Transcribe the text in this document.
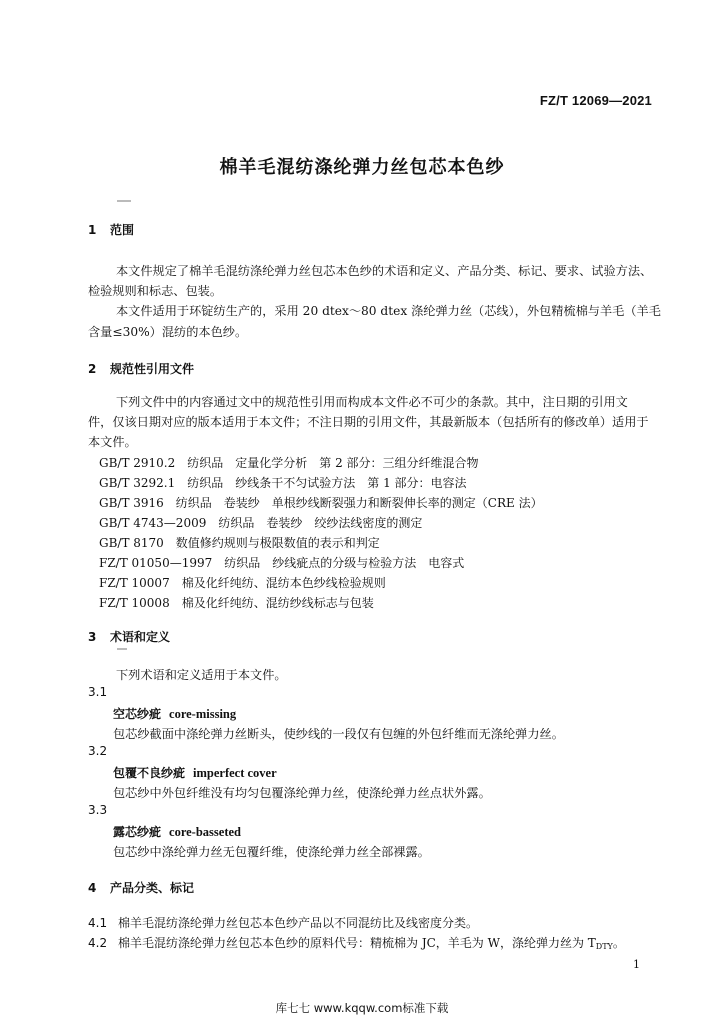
FZ/T 12069—2021
棉羊毛混纺涤纶弹力丝包芯本色纱
1 范围
本文件规定了棉羊毛混纺涤纶弹力丝包芯本色纱的术语和定义、产品分类、标记、要求、试验方法、
检验规则和标志、包装。
本文件适用于环锭纺生产的，采用 20 dtex～80 dtex 涤纶弹力丝（芯线），外包精梳棉与羊毛（羊毛
含量≤30%）混纺的本色纱。
2 规范性引用文件
下列文件中的内容通过文中的规范性引用而构成本文件必不可少的条款。其中，注日期的引用文
件，仅该日期对应的版本适用于本文件；不注日期的引用文件，其最新版本（包括所有的修改单）适用于
本文件。
GB/T 2910.2　纺织品　定量化学分析　第 2 部分：三组分纤维混合物
GB/T 3292.1　纺织品　纱线条干不匀试验方法　第 1 部分：电容法
GB/T 3916　纺织品　卷装纱　单根纱线断裂强力和断裂伸长率的测定（CRE 法）
GB/T 4743—2009　纺织品　卷装纱　绞纱法线密度的测定
GB/T 8170　数值修约规则与极限数值的表示和判定
FZ/T 01050—1997　纺织品　纱线疵点的分级与检验方法　电容式
FZ/T 10007　棉及化纤纯纺、混纺本色纱线检验规则
FZ/T 10008　棉及化纤纯纺、混纺纱线标志与包装
3 术语和定义
下列术语和定义适用于本文件。
3.1
空芯纱疵 core-missing
包芯纱截面中涤纶弹力丝断头，使纱线的一段仅有包缠的外包纤维而无涤纶弹力丝。
3.2
包覆不良纱疵 imperfect cover
包芯纱中外包纤维没有均匀包覆涤纶弹力丝，使涤纶弹力丝点状外露。
3.3
露芯纱疵 core-basseted
包芯纱中涤纶弹力丝无包覆纤维，使涤纶弹力丝全部裸露。
4 产品分类、标记
4.1 棉羊毛混纺涤纶弹力丝包芯本色纱产品以不同混纺比及线密度分类。
4.2 棉羊毛混纺涤纶弹力丝包芯本色纱的原料代号：精梳棉为 JC，羊毛为 W，涤纶弹力丝为 $T_{DTY}$。
1
库七七 www.kqqw.com标准下载
